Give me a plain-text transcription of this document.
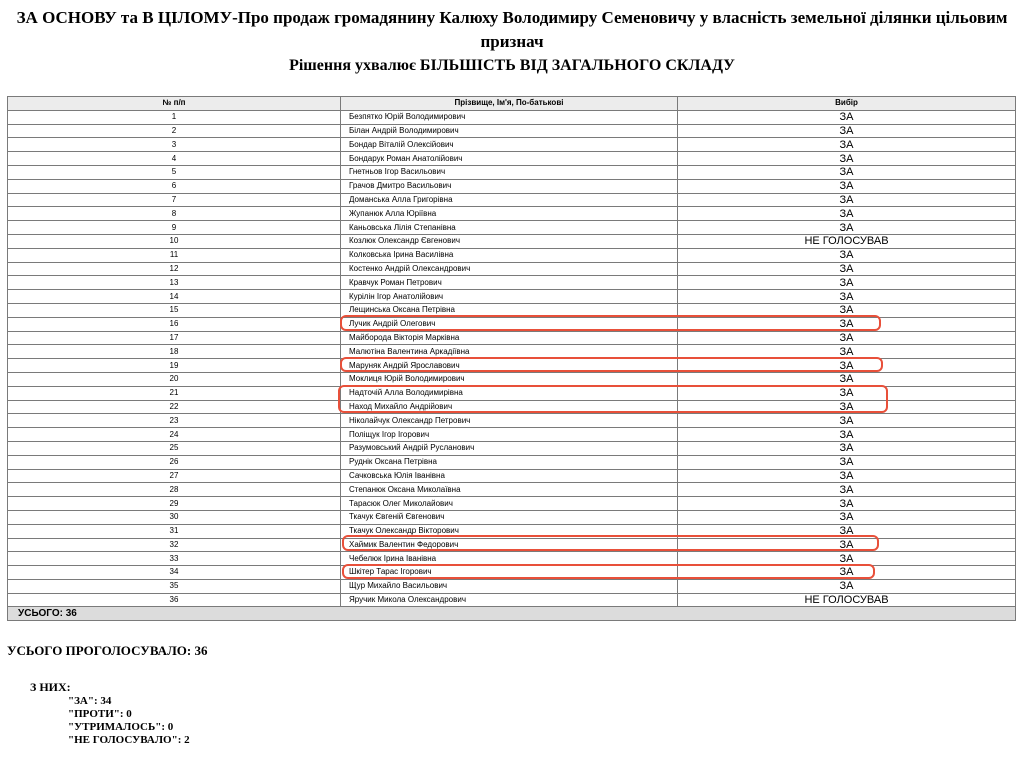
ЗА ОСНОВУ та В ЦІЛОМУ-Про продаж громадянину Калюху Володимиру Семеновичу у власність земельної ділянки цільовим признач
Рішення ухвалює БІЛЬШІСТЬ ВІД ЗАГАЛЬНОГО СКЛАДУ
№ п/п	Прізвище, Ім'я, По-батькові	Вибір
1	Безпятко Юрій Володимирович	ЗА
2	Білан Андрій Володимирович	ЗА
3	Бондар Віталій Олексійович	ЗА
4	Бондарук Роман Анатолійович	ЗА
5	Гнетньов Ігор Васильович	ЗА
6	Грачов Дмитро Васильович	ЗА
7	Доманська Алла Григорівна	ЗА
8	Жупанюк Алла Юріївна	ЗА
9	Каньовська Лілія Степанівна	ЗА
10	Козлюк Олександр Євгенович	НЕ ГОЛОСУВАВ
11	Колковська Ірина Василівна	ЗА
12	Костенко Андрій Олександрович	ЗА
13	Кравчук Роман Петрович	ЗА
14	Курілін Ігор Анатолійович	ЗА
15	Лещинська Оксана Петрівна	ЗА
16	Лучик Андрій Олегович	ЗА
17	Майборода Вікторія Марківна	ЗА
18	Малютіна Валентина Аркадіївна	ЗА
19	Маруняк Андрій Ярославович	ЗА
20	Моклиця Юрій Володимирович	ЗА
21	Надточій Алла Володимирівна	ЗА
22	Наход Михайло Андрійович	ЗА
23	Ніколайчук Олександр Петрович	ЗА
24	Поліщук Ігор Ігорович	ЗА
25	Разумовський Андрій Русланович	ЗА
26	Руднік Оксана Петрівна	ЗА
27	Сачковська Юлія Іванівна	ЗА
28	Степанюк Оксана Миколаївна	ЗА
29	Тарасюк Олег Миколайович	ЗА
30	Ткачук Євгеній Євгенович	ЗА
31	Ткачук Олександр Вікторович	ЗА
32	Хаймик Валентин Федорович	ЗА
33	Чебелюк Ірина Іванівна	ЗА
34	Шкітер Тарас Ігорович	ЗА
35	Щур Михайло Васильович	ЗА
36	Яручик Микола Олександрович	НЕ ГОЛОСУВАВ
УСЬОГО: 36		
УСЬОГО ПРОГОЛОСУВАЛО: 36
З НИХ:
"ЗА": 34
"ПРОТИ": 0
"УТРИМАЛОСЬ": 0
"НЕ ГОЛОСУВАЛО": 2
